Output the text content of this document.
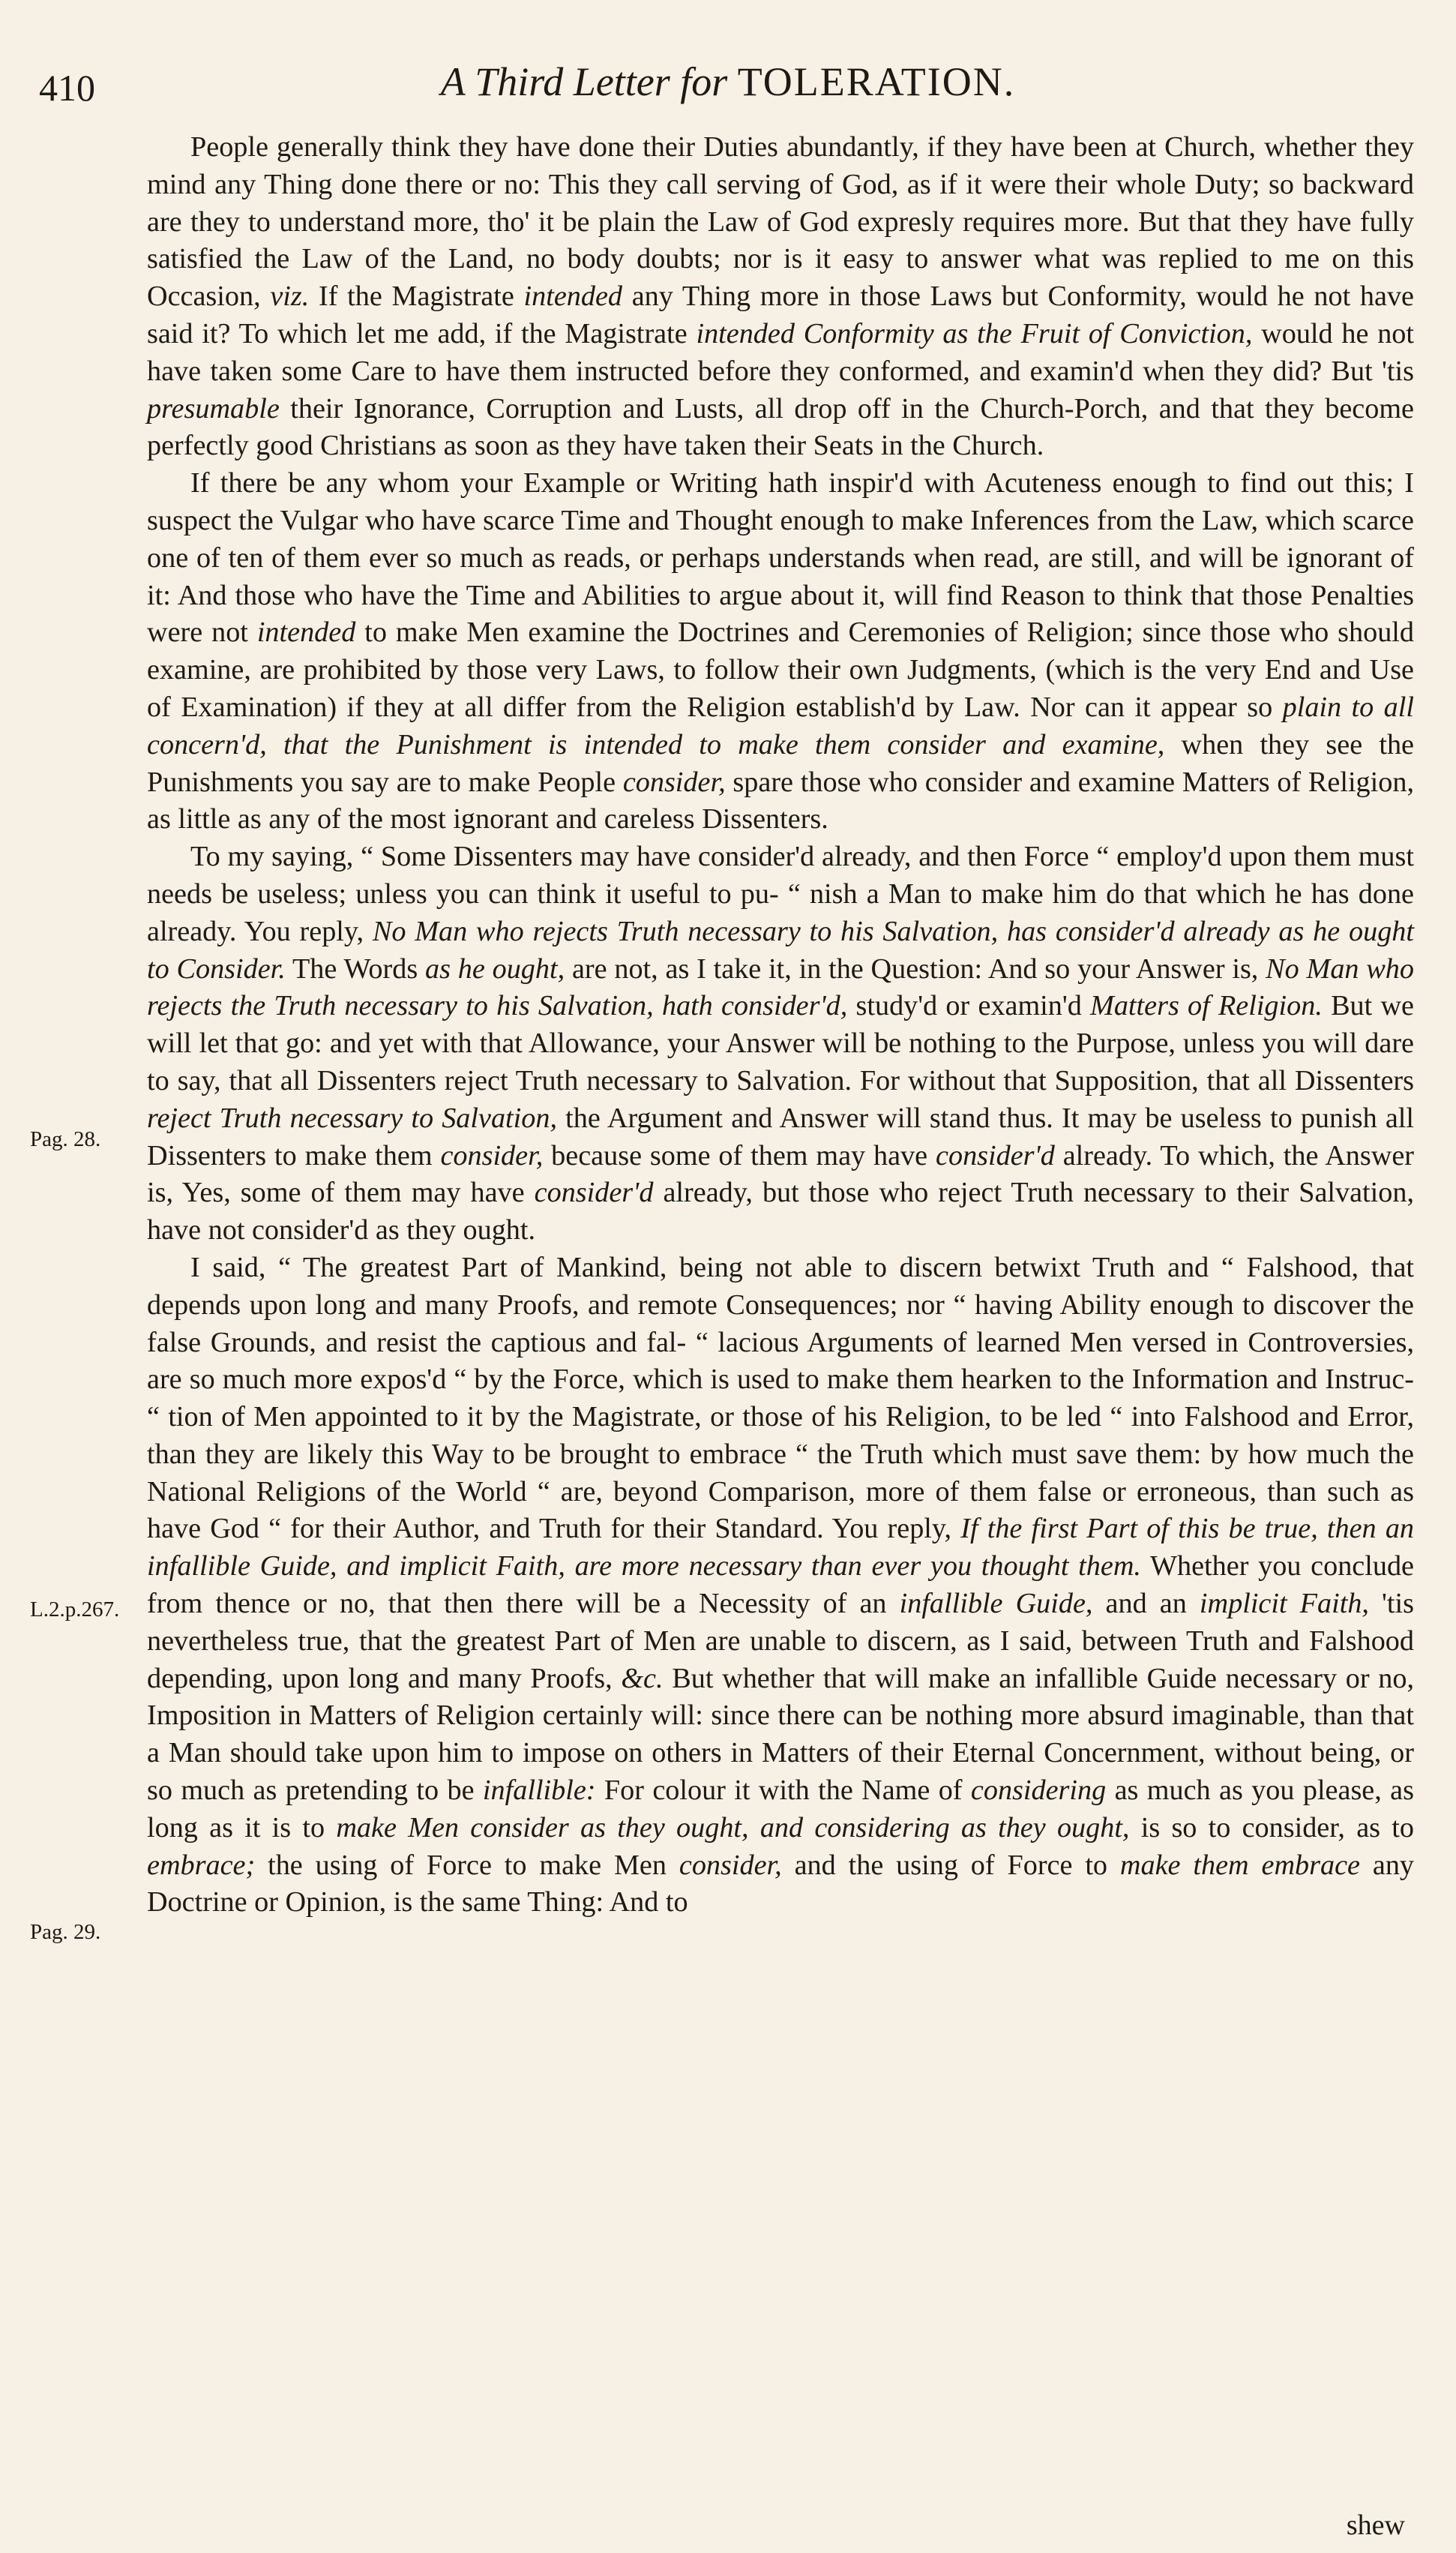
410	A Third Letter for TOLERATION.
Pag. 28.
L.2.p.267.
Pag. 29.

People generally think they have done their Duties abundantly, if they have been at Church, whether they mind any Thing done there or no: This they call serving of God, as if it were their whole Duty; so backward are they to understand more, tho' it be plain the Law of God expresly requires more. But that they have fully satisfied the Law of the Land, no body doubts; nor is it easy to answer what was replied to me on this Occasion, viz. If the Magistrate intended any Thing more in those Laws but Conformity, would he not have said it? To which let me add, if the Magistrate intended Conformity as the Fruit of Conviction, would he not have taken some Care to have them instructed before they conformed, and examin'd when they did? But 'tis presumable their Ignorance, Corruption and Lusts, all drop off in the Church-Porch, and that they become perfectly good Christians as soon as they have taken their Seats in the Church.

If there be any whom your Example or Writing hath inspir'd with Acuteness enough to find out this; I suspect the Vulgar who have scarce Time and Thought enough to make Inferences from the Law, which scarce one of ten of them ever so much as reads, or perhaps understands when read, are still, and will be ignorant of it: And those who have the Time and Abilities to argue about it, will find Reason to think that those Penalties were not intended to make Men examine the Doctrines and Ceremonies of Religion; since those who should examine, are prohibited by those very Laws, to follow their own Judgments, (which is the very End and Use of Examination) if they at all differ from the Religion establish'd by Law. Nor can it appear so plain to all concern'd, that the Punishment is intended to make them consider and examine, when they see the Punishments you say are to make People consider, spare those who consider and examine Matters of Religion, as little as any of the most ignorant and careless Dissenters.

To my saying, “ Some Dissenters may have consider'd already, and then Force “ employ'd upon them must needs be useless; unless you can think it useful to pu- “ nish a Man to make him do that which he has done already. You reply, No Man who rejects Truth necessary to his Salvation, has consider'd already as he ought to Consider. The Words as he ought, are not, as I take it, in the Question: And so your Answer is, No Man who rejects the Truth necessary to his Salvation, hath consider'd, study'd or examin'd Matters of Religion. But we will let that go: and yet with that Allowance, your Answer will be nothing to the Purpose, unless you will dare to say, that all Dissenters reject Truth necessary to Salvation. For without that Supposition, that all Dissenters reject Truth necessary to Salvation, the Argument and Answer will stand thus. It may be useless to punish all Dissenters to make them consider, because some of them may have consider'd already. To which, the Answer is, Yes, some of them may have consider'd already, but those who reject Truth necessary to their Salvation, have not consider'd as they ought.

I said, “ The greatest Part of Mankind, being not able to discern betwixt Truth and “ Falshood, that depends upon long and many Proofs, and remote Consequences; nor “ having Ability enough to discover the false Grounds, and resist the captious and fal- “ lacious Arguments of learned Men versed in Controversies, are so much more expos'd “ by the Force, which is used to make them hearken to the Information and Instruc- “ tion of Men appointed to it by the Magistrate, or those of his Religion, to be led “ into Falshood and Error, than they are likely this Way to be brought to embrace “ the Truth which must save them: by how much the National Religions of the World “ are, beyond Comparison, more of them false or erroneous, than such as have God “ for their Author, and Truth for their Standard. You reply, If the first Part of this be true, then an infallible Guide, and implicit Faith, are more necessary than ever you thought them. Whether you conclude from thence or no, that then there will be a Necessity of an infallible Guide, and an implicit Faith, 'tis nevertheless true, that the greatest Part of Men are unable to discern, as I said, between Truth and Falshood depending, upon long and many Proofs, &c. But whether that will make an infallible Guide necessary or no, Imposition in Matters of Religion certainly will: since there can be nothing more absurd imaginable, than that a Man should take upon him to impose on others in Matters of their Eternal Concernment, without being, or so much as pretending to be infallible: For colour it with the Name of considering as much as you please, as long as it is to make Men consider as they ought, and considering as they ought, is so to consider, as to embrace; the using of Force to make Men consider, and the using of Force to make them embrace any Doctrine or Opinion, is the same Thing: And to

shew
